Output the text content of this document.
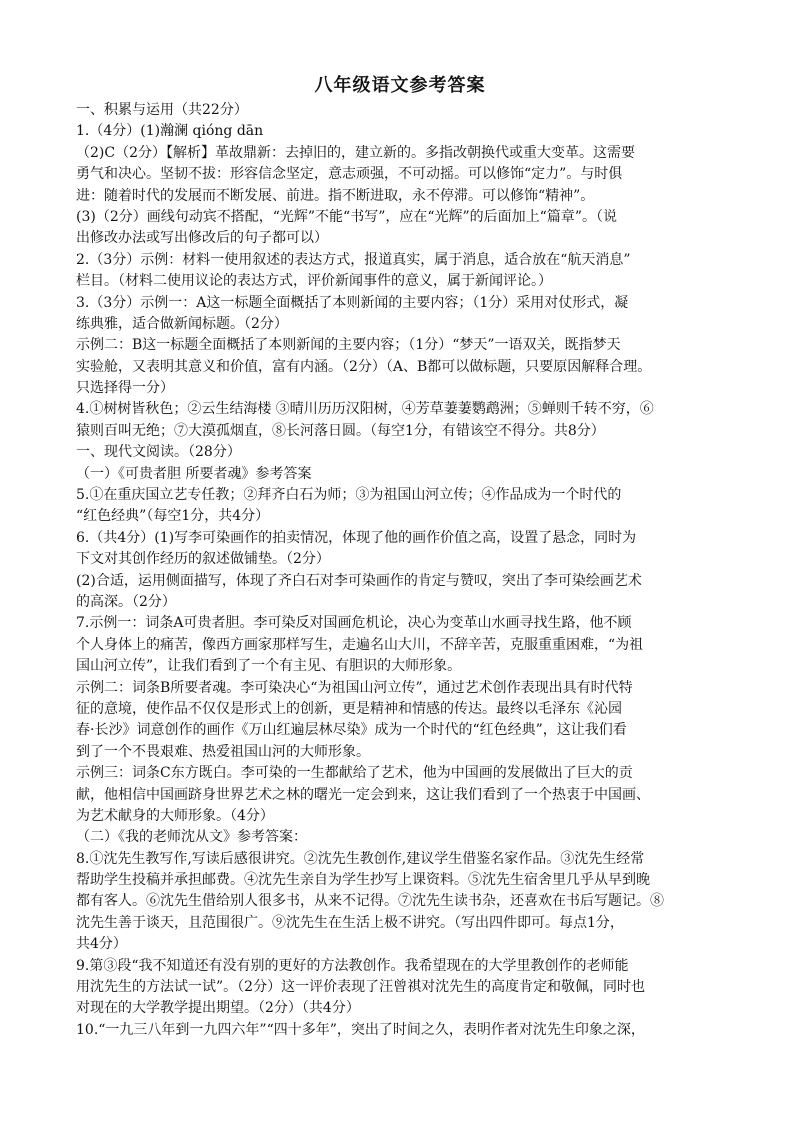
八年级语文参考答案
一、积累与运用（共22分）
1.（4分）(1)瀚澜 qióng dān
（2)C（2分）【解析】革故鼎新：去掉旧的，建立新的。多指改朝换代或重大变革。这需要
勇气和决心。坚韧不拔：形容信念坚定，意志顽强，不可动摇。可以修饰“定力”。与时俱
进：随着时代的发展而不断发展、前进。指不断进取，永不停滞。可以修饰“精神”。
(3)（2分）画线句动宾不搭配，“光辉”不能“书写”，应在“光辉”的后面加上“篇章”。（说
出修改办法或写出修改后的句子都可以）
2.（3分）示例：材料一使用叙述的表达方式，报道真实，属于消息，适合放在“航天消息”
栏目。（材料二使用议论的表达方式，评价新闻事件的意义，属于新闻评论。）
3.（3分）示例一：A这一标题全面概括了本则新闻的主要内容；（1分）采用对仗形式，凝
练典雅，适合做新闻标题。（2分）
示例二：B这一标题全面概括了本则新闻的主要内容；（1分）“梦天”一语双关，既指梦天
实验舱，又表明其意义和价值，富有内涵。（2分）（A、B都可以做标题，只要原因解释合理。
只选择得一分）
4.①树树皆秋色；②云生结海楼 ③晴川历历汉阳树，④芳草萋萋鹦鹉洲；⑤蝉则千转不穷，⑥
猿则百叫无绝；⑦大漠孤烟直，⑧长河落日圆。（每空1分，有错该空不得分。共8分）
一、现代文阅读。（28分）
（一）《可贵者胆 所要者魂》参考答案
5.①在重庆国立艺专任教；②拜齐白石为师；③为祖国山河立传；④作品成为一个时代的
“红色经典”（每空1分，共4分）
6.（共4分）(1)写李可染画作的拍卖情况，体现了他的画作价值之高，设置了悬念，同时为
下文对其创作经历的叙述做铺垫。（2分）
(2)合适，运用侧面描写，体现了齐白石对李可染画作的肯定与赞叹，突出了李可染绘画艺术
的高深。（2分）
7.示例一：词条A可贵者胆。李可染反对国画危机论，决心为变革山水画寻找生路，他不顾
个人身体上的痛苦，像西方画家那样写生，走遍名山大川，不辞辛苦，克服重重困难，“为祖
国山河立传”，让我们看到了一个有主见、有胆识的大师形象。
示例二：词条B所要者魂。李可染决心“为祖国山河立传”，通过艺术创作表现出具有时代特
征的意境，使作品不仅仅是形式上的创新，更是精神和情感的传达。最终以毛泽东《沁园
春·长沙》词意创作的画作《万山红遍层林尽染》成为一个时代的“红色经典”，这让我们看
到了一个不畏艰难、热爱祖国山河的大师形象。
示例三：词条C东方既白。李可染的一生都献给了艺术，他为中国画的发展做出了巨大的贡
献，他相信中国画跻身世界艺术之林的曙光一定会到来，这让我们看到了一个热衷于中国画、
为艺术献身的大师形象。（4分）
（二）《我的老师沈从文》参考答案：
8.①沈先生教写作,写读后感很讲究。②沈先生教创作,建议学生借鉴名家作品。③沈先生经常
帮助学生投稿并承担邮费。④沈先生亲自为学生抄写上课资料。⑤沈先生宿舍里几乎从早到晚
都有客人。⑥沈先生借给别人很多书，从来不记得。⑦沈先生读书杂，还喜欢在书后写题记。⑧
沈先生善于谈天，且范围很广。⑨沈先生在生活上极不讲究。（写出四件即可。每点1分，
共4分）
9.第③段“我不知道还有没有别的更好的方法教创作。我希望现在的大学里教创作的老师能
用沈先生的方法试一试”。（2分）这一评价表现了汪曾祺对沈先生的高度肯定和敬佩，同时也
对现在的大学教学提出期望。（2分）（共4分）
10.“一九三八年到一九四六年”“四十多年”，突出了时间之久，表明作者对沈先生印象之深，
